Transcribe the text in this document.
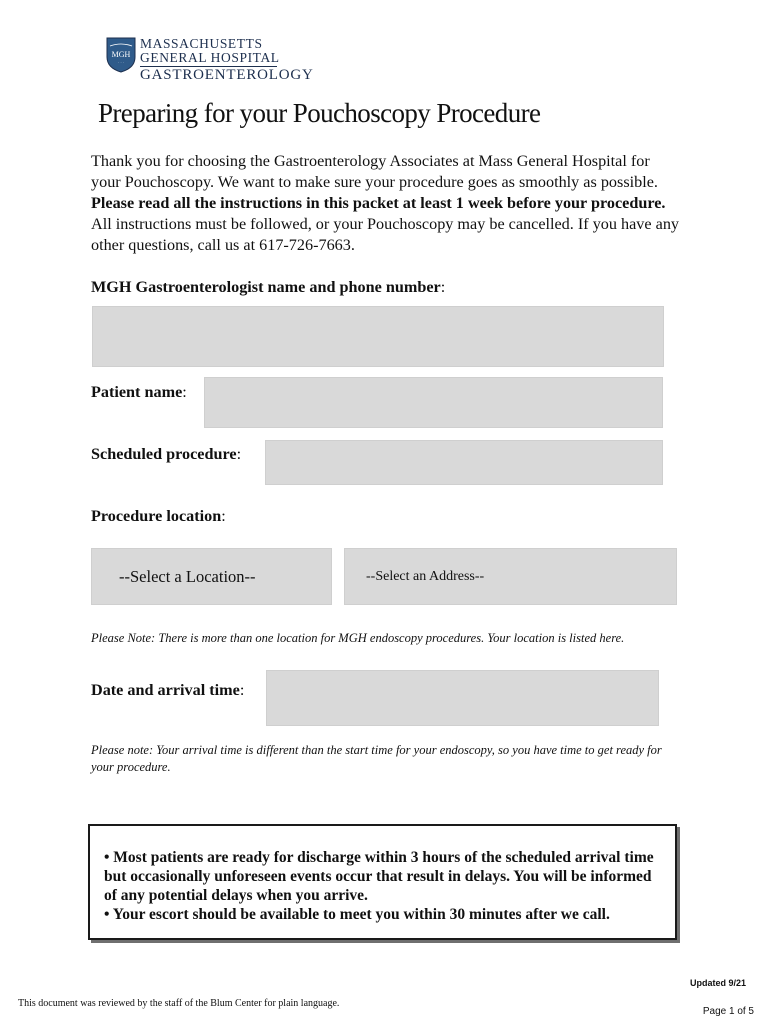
MGH
· · ·
MASSACHUSETTS
GENERAL HOSPITAL
GASTROENTEROLOGY
Preparing for your Pouchoscopy Procedure

Thank you for choosing the Gastroenterology Associates at Mass General Hospital for your Pouchoscopy. We want to make sure your procedure goes as smoothly as possible. Please read all the instructions in this packet at least 1 week before your procedure. All instructions must be followed, or your Pouchoscopy may be cancelled. If you have any other questions, call us at 617-726-7663.

MGH Gastroenterologist name and phone number:
Patient name:
Scheduled procedure:
Procedure location:
--Select a Location--	--Select an Address--

Please Note: There is more than one location for MGH endoscopy procedures. Your location is listed here.

Date and arrival time:

Please note: Your arrival time is different than the start time for your endoscopy, so you have time to get ready for your procedure.

• Most patients are ready for discharge within 3 hours of the scheduled arrival time but occasionally unforeseen events occur that result in delays. You will be informed of any potential delays when you arrive.

• Your escort should be available to meet you within 30 minutes after we call.

Updated 9/21
This document was reviewed by the staff of the Blum Center for plain language.
Page 1 of 5
